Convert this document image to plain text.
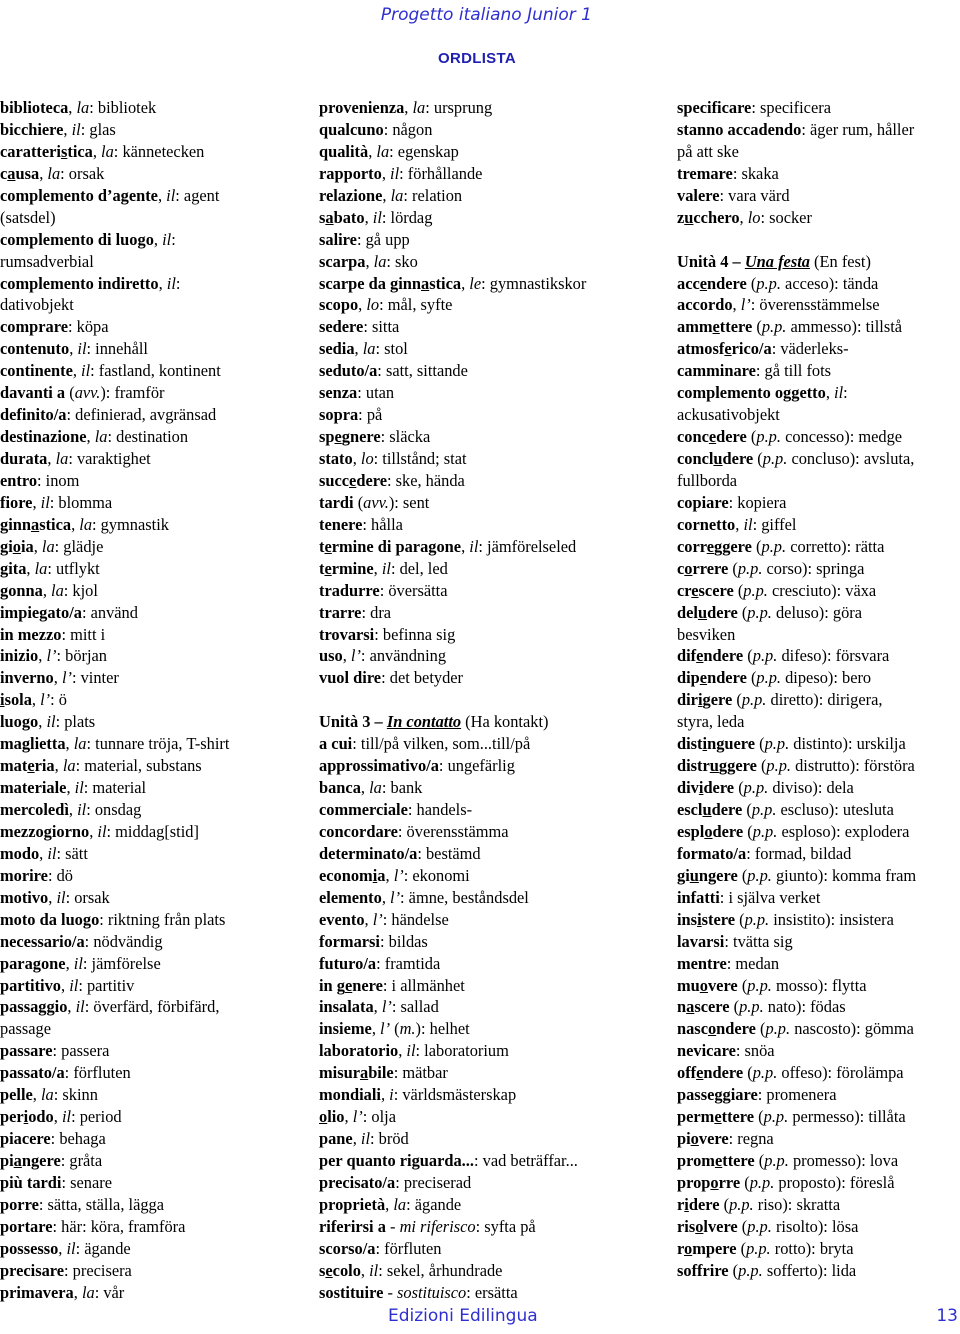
Progetto italiano Junior 1
ORDLISTA
biblioteca, la: bibliotek
bicchiere, il: glas
caratteristica, la: kännetecken
causa, la: orsak
complemento d’agente, il: agent
(satsdel)
complemento di luogo, il:
rumsadverbial
complemento indiretto, il:
dativobjekt
comprare: köpa
contenuto, il: innehåll
continente, il: fastland, kontinent
davanti a (avv.): framför
definito/a: definierad, avgränsad
destinazione, la: destination
durata, la: varaktighet
entro: inom
fiore, il: blomma
ginnastica, la: gymnastik
gioia, la: glädje
gita, la: utflykt
gonna, la: kjol
impiegato/a: använd
in mezzo: mitt i
inizio, l’: början
inverno, l’: vinter
isola, l’: ö
luogo, il: plats
maglietta, la: tunnare tröja, T-shirt
materia, la: material, substans
materiale, il: material
mercoledì, il: onsdag
mezzogiorno, il: middag[stid]
modo, il: sätt
morire: dö
motivo, il: orsak
moto da luogo: riktning från plats
necessario/a: nödvändig
paragone, il: jämförelse
partitivo, il: partitiv
passaggio, il: överfärd, förbifärd,
passage
passare: passera
passato/a: förfluten
pelle, la: skinn
periodo, il: period
piacere: behaga
piangere: gråta
più tardi: senare
porre: sätta, ställa, lägga
portare: här: köra, framföra
possesso, il: ägande
precisare: precisera
primavera, la: vår
provenienza, la: ursprung
qualcuno: någon
qualità, la: egenskap
rapporto, il: förhållande
relazione, la: relation
sabato, il: lördag
salire: gå upp
scarpa, la: sko
scarpe da ginnastica, le: gymnastikskor
scopo, lo: mål, syfte
sedere: sitta
sedia, la: stol
seduto/a: satt, sittande
senza: utan
sopra: på
spegnere: släcka
stato, lo: tillstånd; stat
succedere: ske, hända
tardi (avv.): sent
tenere: hålla
termine di paragone, il: jämförelseled
termine, il: del, led
tradurre: översätta
trarre: dra
trovarsi: befinna sig
uso, l’: användning
vuol dire: det betyder
Unità 3 – In contatto (Ha kontakt)
a cui: till/på vilken, som...till/på
approssimativo/a: ungefärlig
banca, la: bank
commerciale: handels-
concordare: överensstämma
determinato/a: bestämd
economia, l’: ekonomi
elemento, l’: ämne, beståndsdel
evento, l’: händelse
formarsi: bildas
futuro/a: framtida
in genere: i allmänhet
insalata, l’: sallad
insieme, l’ (m.): helhet
laboratorio, il: laboratorium
misurabile: mätbar
mondiali, i: världsmästerskap
olio, l’: olja
pane, il: bröd
per quanto riguarda...: vad beträffar...
precisato/a: preciserad
proprietà, la: ägande
riferirsi a - mi riferisco: syfta på
scorso/a: förfluten
secolo, il: sekel, århundrade
sostituire - sostituisco: ersätta
specificare: specificera
stanno accadendo: äger rum, håller
på att ske
tremare: skaka
valere: vara värd
zucchero, lo: socker
Unità 4 – Una festa (En fest)
accendere (p.p. acceso): tända
accordo, l’: överensstämmelse
ammettere (p.p. ammesso): tillstå
atmosferico/a: väderleks-
camminare: gå till fots
complemento oggetto, il:
ackusativobjekt
concedere (p.p. concesso): medge
concludere (p.p. concluso): avsluta,
fullborda
copiare: kopiera
cornetto, il: giffel
correggere (p.p. corretto): rätta
correre (p.p. corso): springa
crescere (p.p. cresciuto): växa
deludere (p.p. deluso): göra
besviken
difendere (p.p. difeso): försvara
dipendere (p.p. dipeso): bero
dirigere (p.p. diretto): dirigera,
styra, leda
distinguere (p.p. distinto): urskilja
distruggere (p.p. distrutto): förstöra
dividere (p.p. diviso): dela
escludere (p.p. escluso): utesluta
esplodere (p.p. esploso): explodera
formato/a: formad, bildad
giungere (p.p. giunto): komma fram
infatti: i själva verket
insistere (p.p. insistito): insistera
lavarsi: tvätta sig
mentre: medan
muovere (p.p. mosso): flytta
nascere (p.p. nato): födas
nascondere (p.p. nascosto): gömma
nevicare: snöa
offendere (p.p. offeso): förolämpa
passeggiare: promenera
permettere (p.p. permesso): tillåta
piovere: regna
promettere (p.p. promesso): lova
proporre (p.p. proposto): föreslå
ridere (p.p. riso): skratta
risolvere (p.p. risolto): lösa
rompere (p.p. rotto): bryta
soffrire (p.p. sofferto): lida
Edizioni Edilingua	13
